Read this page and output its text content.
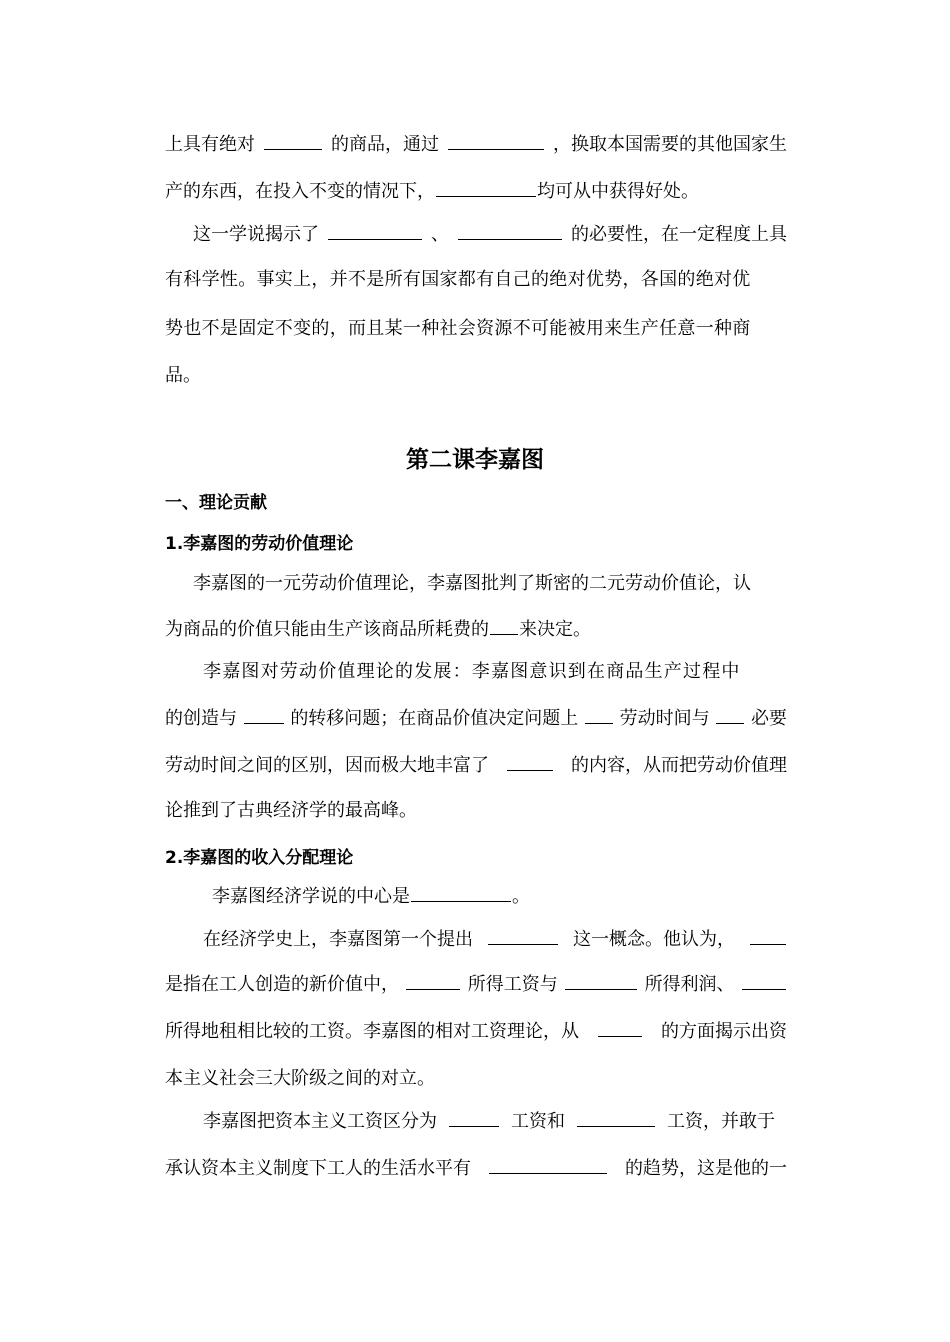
上具有绝对	的商品，通过	，换取本国需要的其他国家生
产的东西，在投入不变的情况下，	均可从中获得好处。
这一学说揭示了	、	的必要性，在一定程度上具
有科学性。事实上，并不是所有国家都有自己的绝对优势，各国的绝对优
势也不是固定不变的，而且某一种社会资源不可能被用来生产任意一种商
品。
第二课李嘉图
一、理论贡献
1.李嘉图的劳动价值理论
李嘉图的一元劳动价值理论，李嘉图批判了斯密的二元劳动价值论，认
为商品的价值只能由生产该商品所耗费的 来决定。
李嘉图对劳动价值理论的发展：李嘉图意识到在商品生产过程中
的创造与	的转移问题；在商品价值决定问题上 劳动时间与 必要
劳动时间之间的区别，因而极大地丰富了	的内容，从而把劳动价值理
论推到了古典经济学的最高峰。
2.李嘉图的收入分配理论
李嘉图经济学说的中心是	。
在经济学史上，李嘉图第一个提出	这一概念。他认为，
是指在工人创造的新价值中，	所得工资与	所得利润、
所得地租相比较的工资。李嘉图的相对工资理论，从	的方面揭示出资
本主义社会三大阶级之间的对立。
李嘉图把资本主义工资区分为	工资和	工资，并敢于
承认资本主义制度下工人的生活水平有	的趋势，这是他的一
